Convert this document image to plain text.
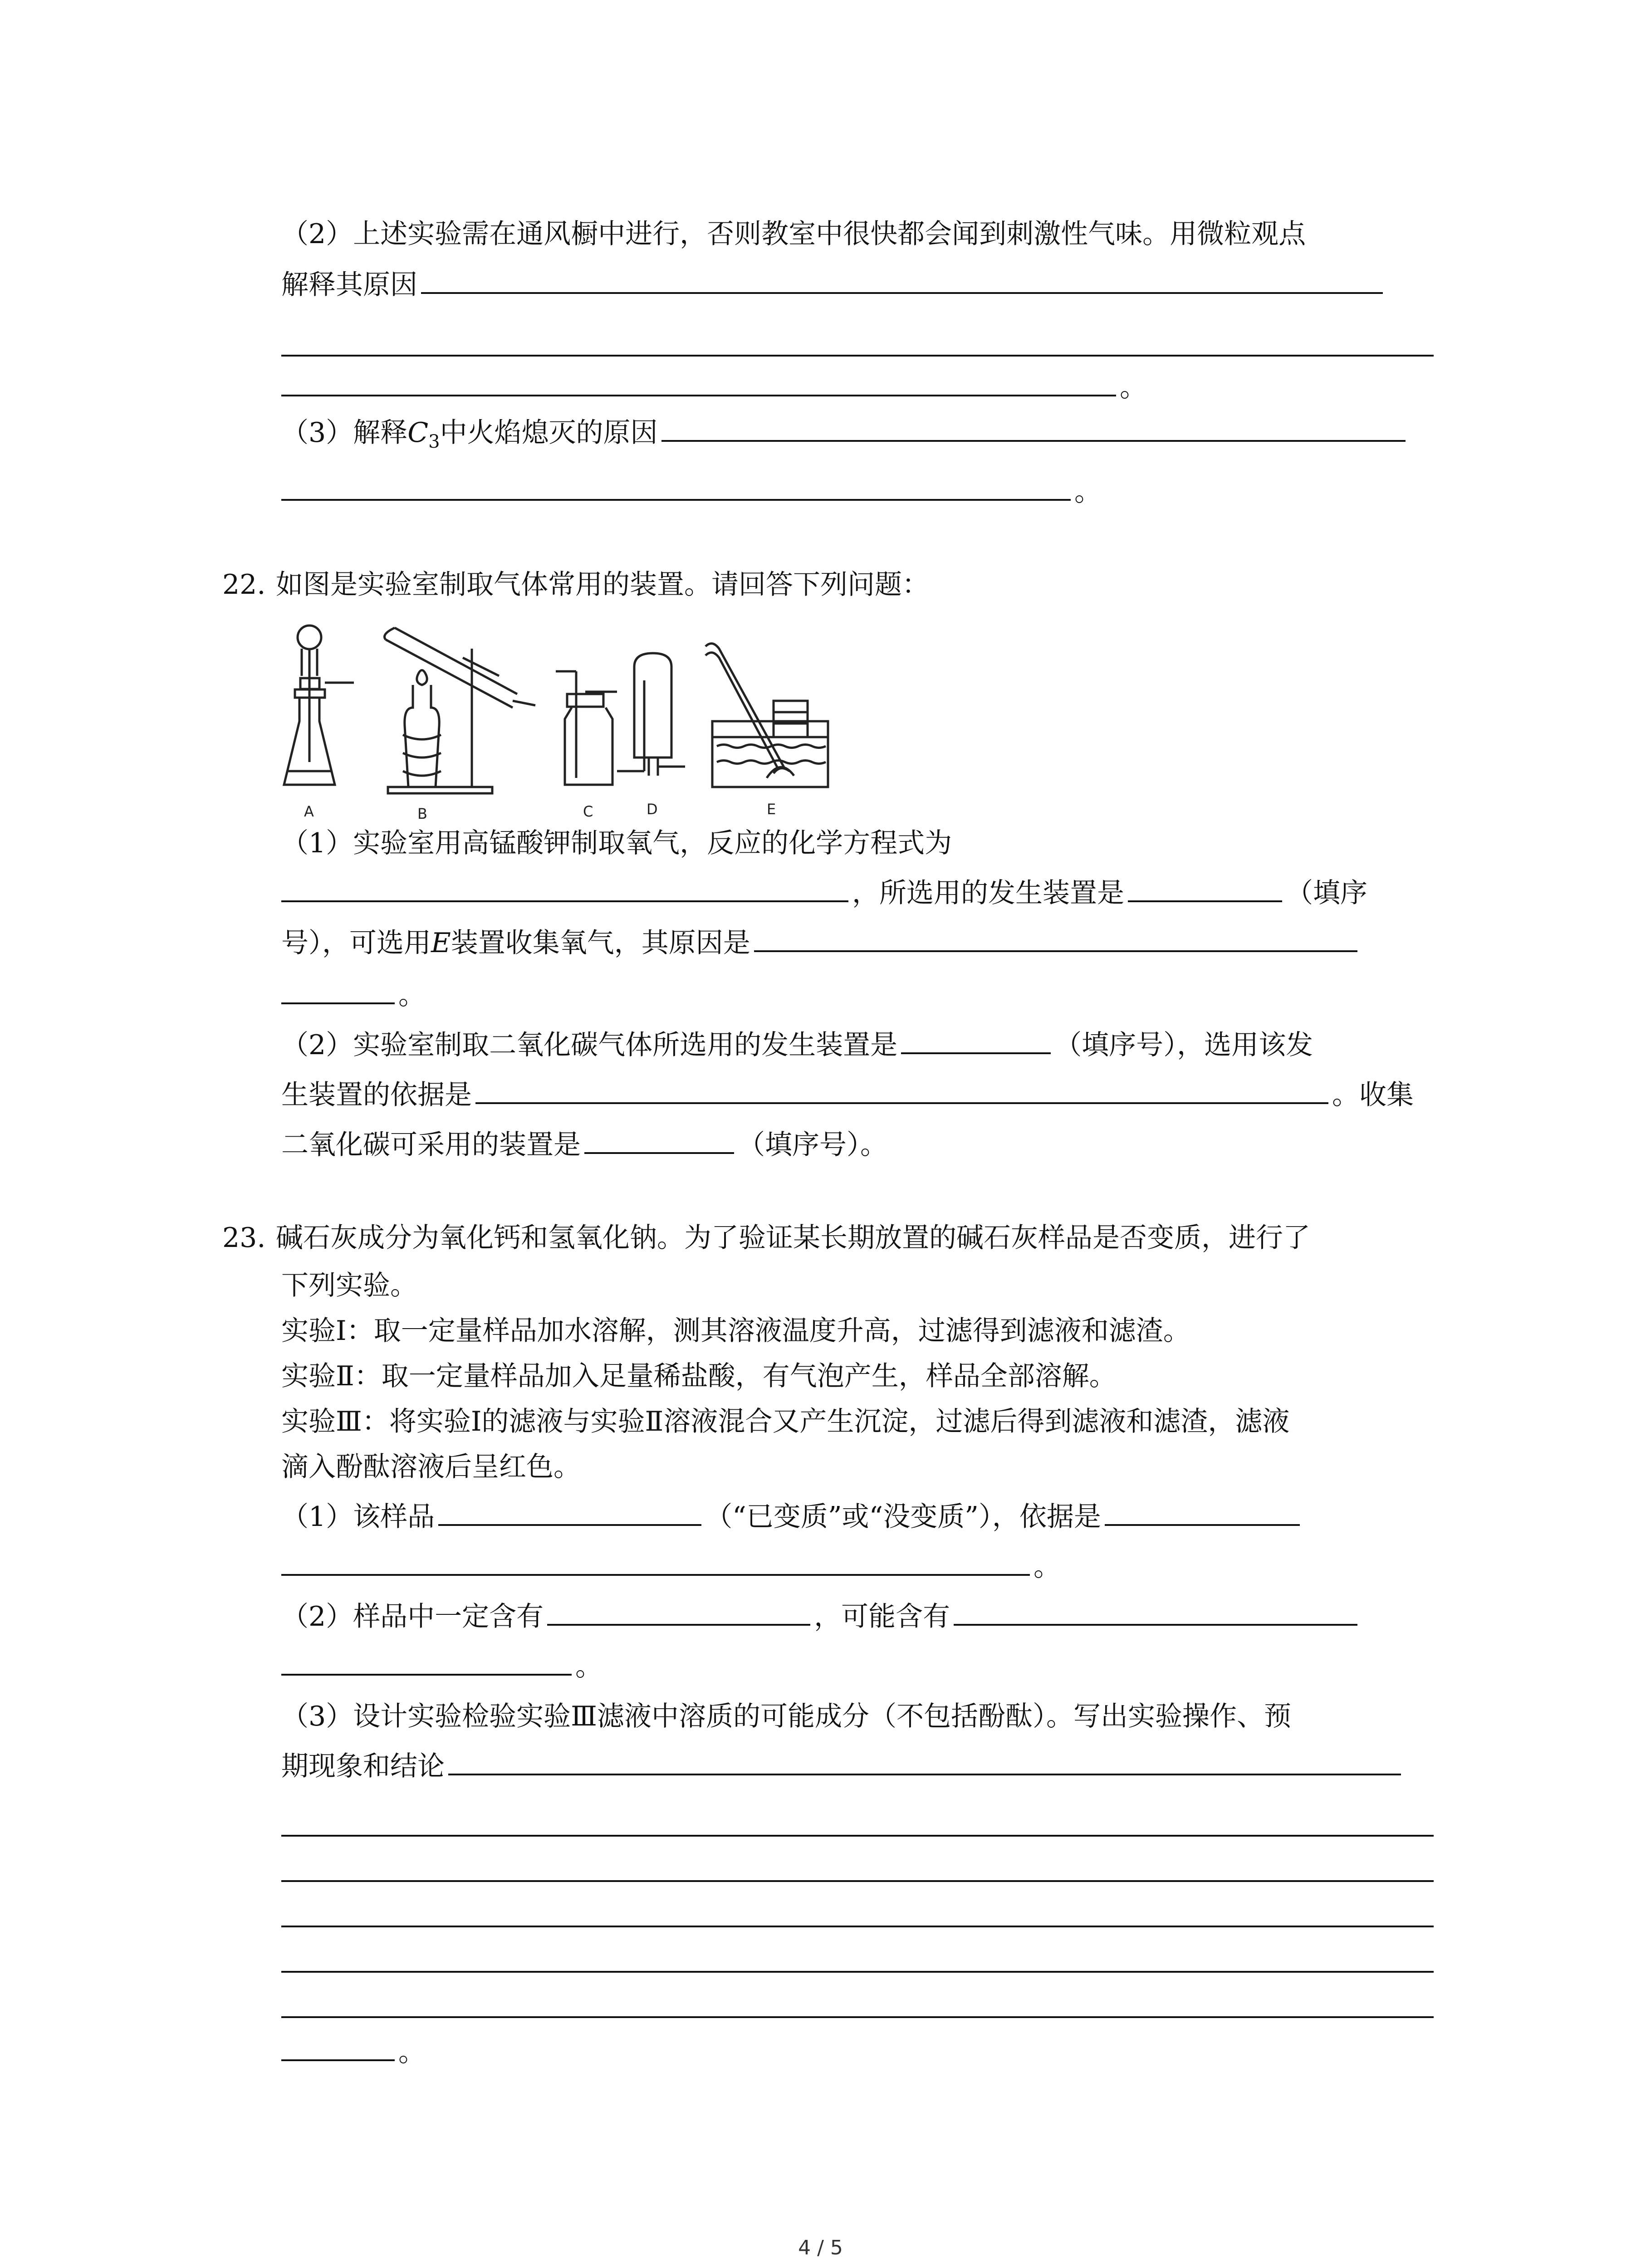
（2）上述实验需在通风橱中进行，否则教室中很快都会闻到刺激性气味。用微粒观点
解释其原因
。
（3）解释$C_3$中火焰熄灭的原因
。
22. 如图是实验室制取气体常用的装置。请回答下列问题：
A	B	C	D	E
（1）实验室用高锰酸钾制取氧气，反应的化学方程式为
，所选用的发生装置是	（填序
号），可选用E装置收集氧气，其原因是
。
（2）实验室制取二氧化碳气体所选用的发生装置是	（填序号），选用该发
生装置的依据是	。收集
二氧化碳可采用的装置是	（填序号）。
23. 碱石灰成分为氧化钙和氢氧化钠。为了验证某长期放置的碱石灰样品是否变质，进行了
下列实验。
实验Ⅰ：取一定量样品加水溶解，测其溶液温度升高，过滤得到滤液和滤渣。
实验Ⅱ：取一定量样品加入足量稀盐酸，有气泡产生，样品全部溶解。
实验Ⅲ：将实验Ⅰ的滤液与实验Ⅱ溶液混合又产生沉淀，过滤后得到滤液和滤渣，滤液
滴入酚酞溶液后呈红色。
（1）该样品	（“已变质”或“没变质”），依据是
。
（2）样品中一定含有	，可能含有
。
（3）设计实验检验实验Ⅲ滤液中溶质的可能成分（不包括酚酞）。写出实验操作、预
期现象和结论
。
4 / 5
